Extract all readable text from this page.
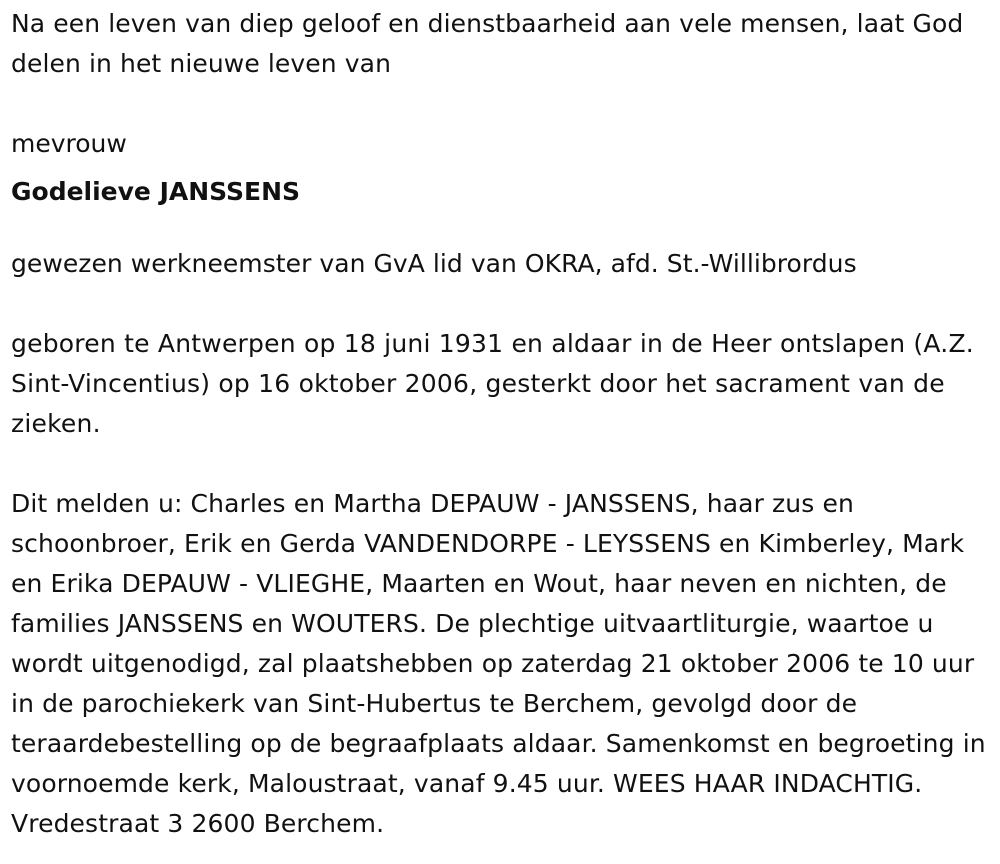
Na een leven van diep geloof en dienstbaarheid aan vele mensen, laat God delen in het nieuwe leven van

mevrouw

Godelieve JANSSENS

gewezen werkneemster van GvA lid van OKRA, afd. St.-Willibrordus

geboren te Antwerpen op 18 juni 1931 en aldaar in de Heer ontslapen (A.Z. Sint-Vincentius) op 16 oktober 2006, gesterkt door het sacrament van de zieken.

Dit melden u: Charles en Martha DEPAUW - JANSSENS, haar zus en schoonbroer, Erik en Gerda VANDENDORPE - LEYSSENS en Kimberley, Mark en Erika DEPAUW - VLIEGHE, Maarten en Wout, haar neven en nichten, de families JANSSENS en WOUTERS. De plechtige uitvaartliturgie, waartoe u wordt uitgenodigd, zal plaatshebben op zaterdag 21 oktober 2006 te 10 uur in de parochiekerk van Sint-Hubertus te Berchem, gevolgd door de teraardebestelling op de begraafplaats aldaar. Samenkomst en begroeting in voornoemde kerk, Maloustraat, vanaf 9.45 uur. WEES HAAR INDACHTIG. Vredestraat 3 2600 Berchem.
